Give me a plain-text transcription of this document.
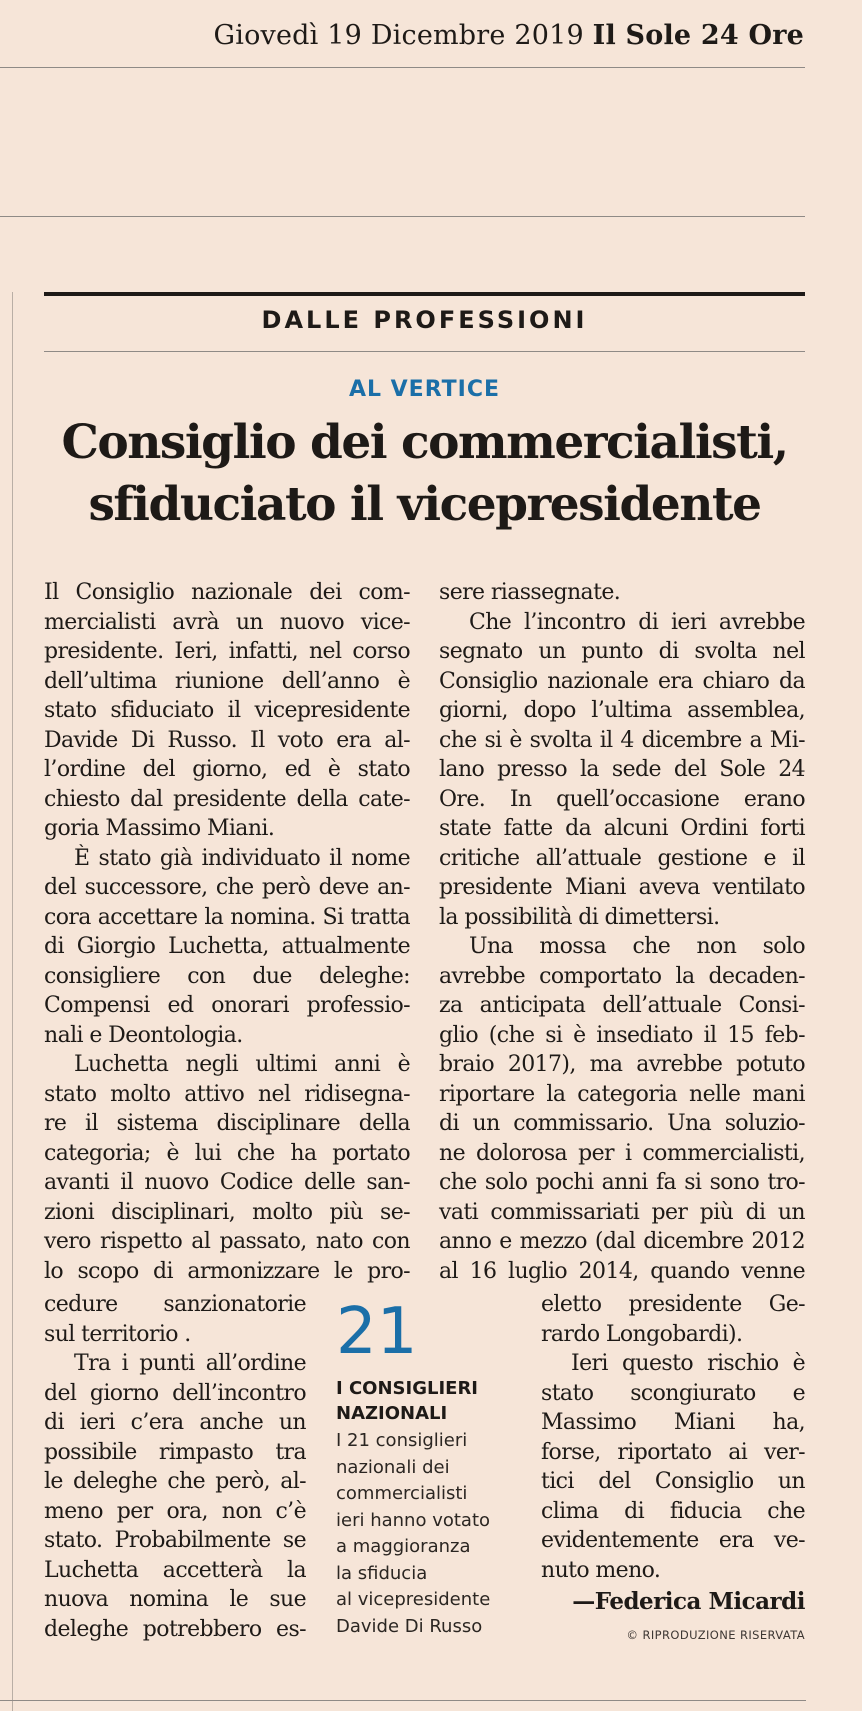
Giovedì 19 Dicembre 2019 Il Sole 24 Ore
DALLE PROFESSIONI
AL VERTICE
Consiglio dei commercialisti,
sfiduciato il vicepresidente
Il Consiglio nazionale dei com-
mercialisti avrà un nuovo vice-
presidente. Ieri, infatti, nel corso
dell’ultima riunione dell’anno è
stato sfiduciato il vicepresidente
Davide Di Russo. Il voto era al-
l’ordine del giorno, ed è stato
chiesto dal presidente della cate-
goria Massimo Miani.
È stato già individuato il nome
del successore, che però deve an-
cora accettare la nomina. Si tratta
di Giorgio Luchetta, attualmente
consigliere con due deleghe:
Compensi ed onorari professio-
nali e Deontologia.
Luchetta negli ultimi anni è
stato molto attivo nel ridisegna-
re il sistema disciplinare della
categoria; è lui che ha portato
avanti il nuovo Codice delle san-
zioni disciplinari, molto più se-
vero rispetto al passato, nato con
lo scopo di armonizzare le pro-
cedure sanzionatorie
sul territorio .
Tra i punti all’ordine
del giorno dell’incontro
di ieri c’era anche un
possibile rimpasto tra
le deleghe che però, al-
meno per ora, non c’è
stato. Probabilmente se
Luchetta accetterà la
nuova nomina le sue
deleghe potrebbero es-
21
I CONSIGLIERI
NAZIONALI
I 21 consiglieri
nazionali dei
commercialisti
ieri hanno votato
a maggioranza
la sfiducia
al vicepresidente
Davide Di Russo
sere riassegnate.
Che l’incontro di ieri avrebbe
segnato un punto di svolta nel
Consiglio nazionale era chiaro da
giorni, dopo l’ultima assemblea,
che si è svolta il 4 dicembre a Mi-
lano presso la sede del Sole 24
Ore. In quell’occasione erano
state fatte da alcuni Ordini forti
critiche all’attuale gestione e il
presidente Miani aveva ventilato
la possibilità di dimettersi.
Una mossa che non solo
avrebbe comportato la decaden-
za anticipata dell’attuale Consi-
glio (che si è insediato il 15 feb-
braio 2017), ma avrebbe potuto
riportare la categoria nelle mani
di un commissario. Una soluzio-
ne dolorosa per i commercialisti,
che solo pochi anni fa si sono tro-
vati commissariati per più di un
anno e mezzo (dal dicembre 2012
al 16 luglio 2014, quando venne
eletto presidente Ge-
rardo Longobardi).
Ieri questo rischio è
stato scongiurato e
Massimo Miani ha,
forse, riportato ai ver-
tici del Consiglio un
clima di fiducia che
evidentemente era ve-
nuto meno.
—Federica Micardi
© RIPRODUZIONE RISERVATA
